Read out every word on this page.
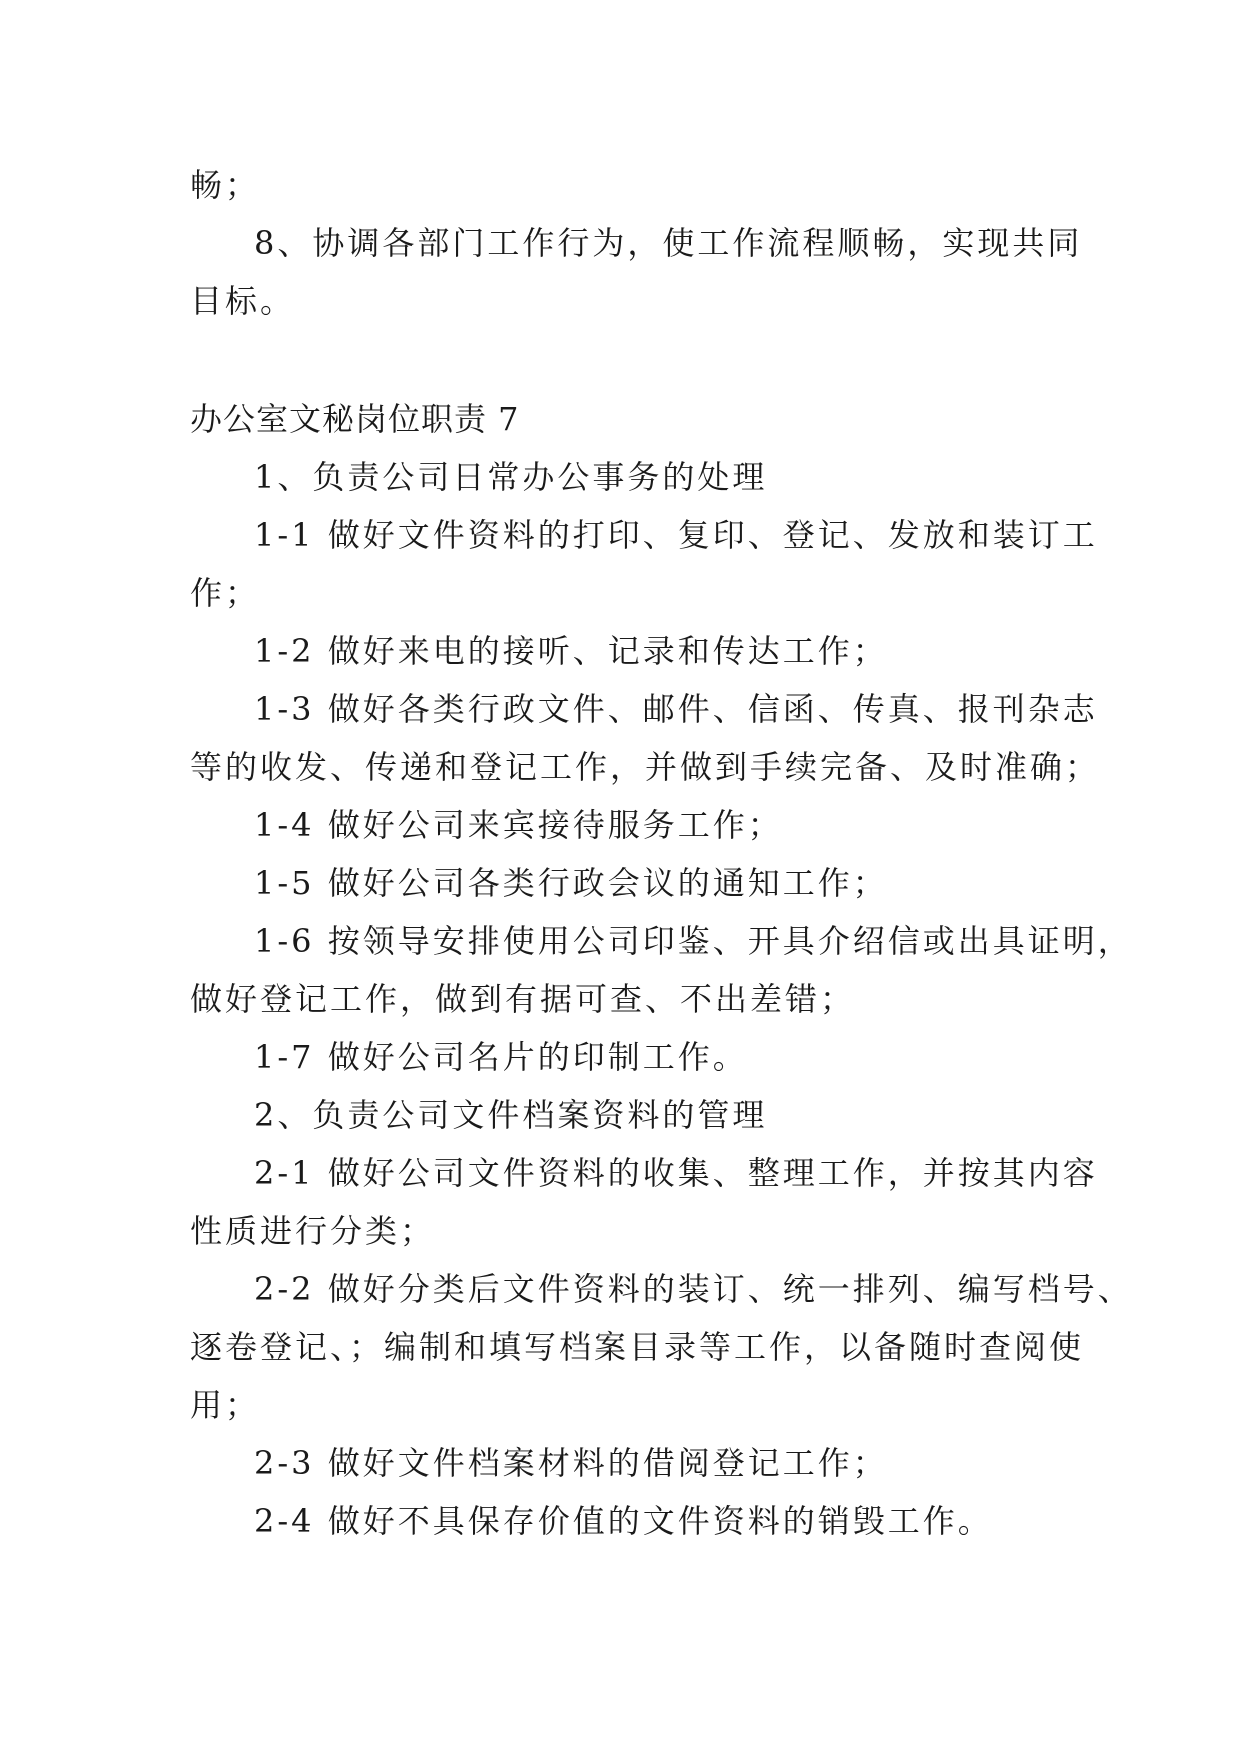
畅；
8、协调各部门工作行为，使工作流程顺畅，实现共同
目标。
办公室文秘岗位职责 7
1、负责公司日常办公事务的处理
1-1 做好文件资料的打印、复印、登记、发放和装订工
作；
1-2 做好来电的接听、记录和传达工作；
1-3 做好各类行政文件、邮件、信函、传真、报刊杂志
等的收发、传递和登记工作，并做到手续完备、及时准确；
1-4 做好公司来宾接待服务工作；
1-5 做好公司各类行政会议的通知工作；
1-6 按领导安排使用公司印鉴、开具介绍信或出具证明，
做好登记工作，做到有据可查、不出差错；
1-7 做好公司名片的印制工作。
2、负责公司文件档案资料的管理
2-1 做好公司文件资料的收集、整理工作，并按其内容
性质进行分类；
2-2 做好分类后文件资料的装订、统一排列、编写档号、
逐卷登记、；编制和填写档案目录等工作，以备随时查阅使
用；
2-3 做好文件档案材料的借阅登记工作；
2-4 做好不具保存价值的文件资料的销毁工作。
